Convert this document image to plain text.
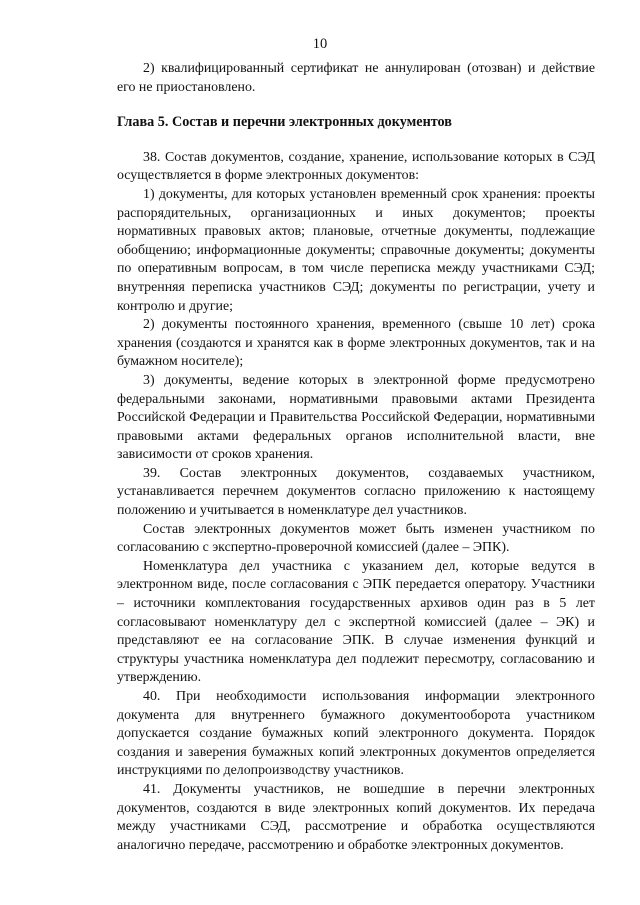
10

2) квалифицированный сертификат не аннулирован (отозван) и действие его не приостановлено.

Глава 5. Состав и перечни электронных документов

38. Состав документов, создание, хранение, использование которых в СЭД осуществляется в форме электронных документов:

1) документы, для которых установлен временный срок хранения: проекты распорядительных, организационных и иных документов; проекты нормативных правовых актов; плановые, отчетные документы, подлежащие обобщению; информационные документы; справочные документы; документы по оперативным вопросам, в том числе переписка между участниками СЭД; внутренняя переписка участников СЭД; документы по регистрации, учету и контролю и другие;

2) документы постоянного хранения, временного (свыше 10 лет) срока хранения (создаются и хранятся как в форме электронных документов, так и на бумажном носителе);

3) документы, ведение которых в электронной форме предусмотрено федеральными законами, нормативными правовыми актами Президента Российской Федерации и Правительства Российской Федерации, нормативными правовыми актами федеральных органов исполнительной власти, вне зависимости от сроков хранения.

39. Состав электронных документов, создаваемых участником, устанавливается перечнем документов согласно приложению к настоящему положению и учитывается в номенклатуре дел участников.

Состав электронных документов может быть изменен участником по согласованию с экспертно-проверочной комиссией (далее – ЭПК).

Номенклатура дел участника с указанием дел, которые ведутся в электронном виде, после согласования с ЭПК передается оператору. Участники – источники комплектования государственных архивов один раз в 5 лет согласовывают номенклатуру дел с экспертной комиссией (далее – ЭК) и представляют ее на согласование ЭПК. В случае изменения функций и структуры участника номенклатура дел подлежит пересмотру, согласованию и утверждению.

40. При необходимости использования информации электронного документа для внутреннего бумажного документооборота участником допускается создание бумажных копий электронного документа. Порядок создания и заверения бумажных копий электронных документов определяется инструкциями по делопроизводству участников.

41. Документы участников, не вошедшие в перечни электронных документов, создаются в виде электронных копий документов. Их передача между участниками СЭД, рассмотрение и обработка осуществляются аналогично передаче, рассмотрению и обработке электронных документов.
